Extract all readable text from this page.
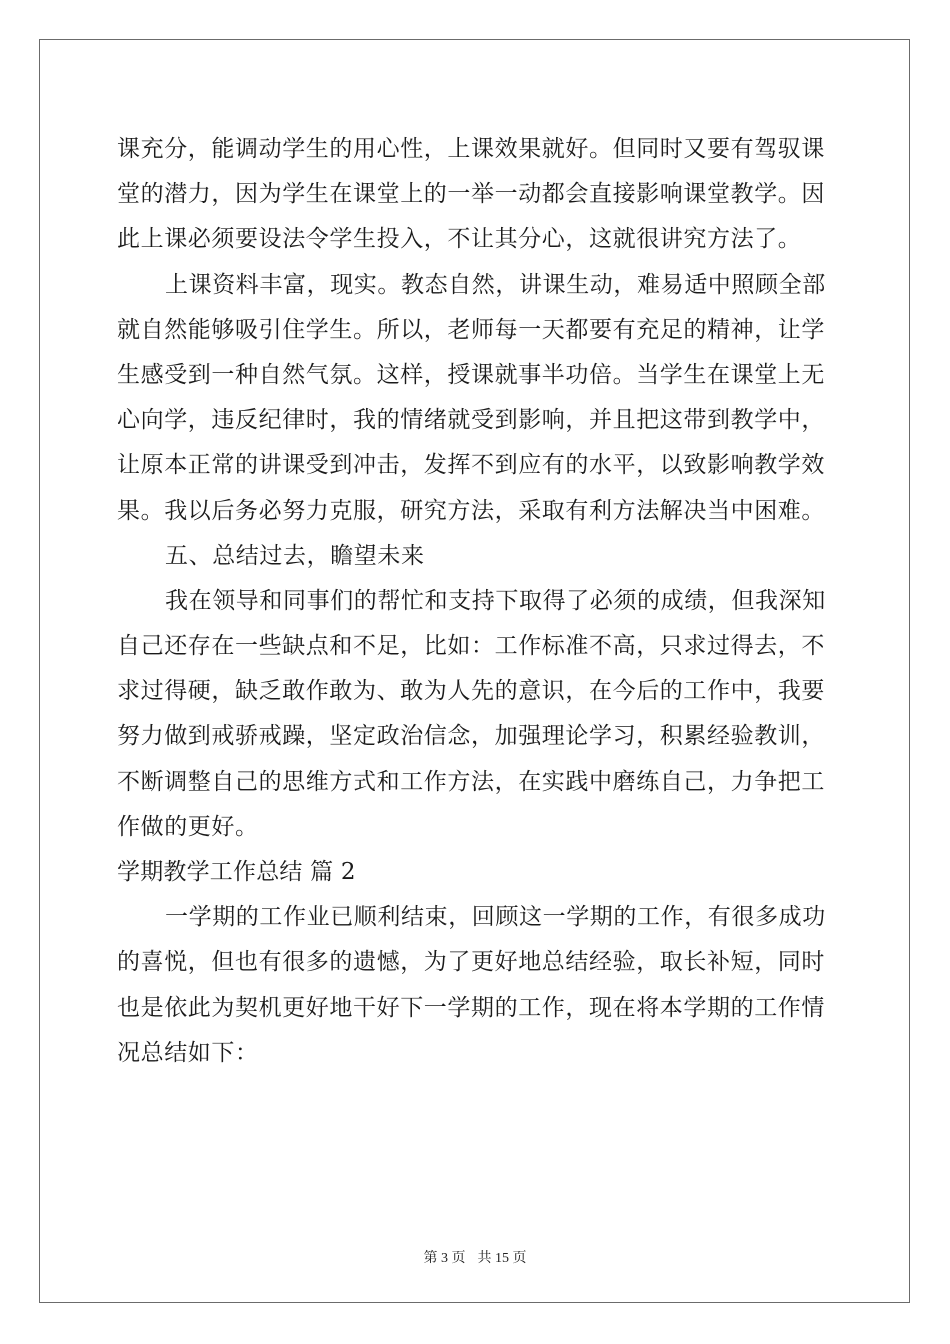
课充分，能调动学生的用心性，上课效果就好。但同时又要有驾驭课
堂的潜力，因为学生在课堂上的一举一动都会直接影响课堂教学。因
此上课必须要设法令学生投入，不让其分心，这就很讲究方法了。
上课资料丰富，现实。教态自然，讲课生动，难易适中照顾全部
就自然能够吸引住学生。所以，老师每一天都要有充足的精神，让学
生感受到一种自然气氛。这样，授课就事半功倍。当学生在课堂上无
心向学，违反纪律时，我的情绪就受到影响，并且把这带到教学中，
让原本正常的讲课受到冲击，发挥不到应有的水平，以致影响教学效
果。我以后务必努力克服，研究方法，采取有利方法解决当中困难。
五、总结过去，瞻望未来
我在领导和同事们的帮忙和支持下取得了必须的成绩，但我深知
自己还存在一些缺点和不足，比如：工作标准不高，只求过得去，不
求过得硬，缺乏敢作敢为、敢为人先的意识，在今后的工作中，我要
努力做到戒骄戒躁，坚定政治信念，加强理论学习，积累经验教训，
不断调整自己的思维方式和工作方法，在实践中磨练自己，力争把工
作做的更好。
学期教学工作总结 篇 2
一学期的工作业已顺利结束，回顾这一学期的工作，有很多成功
的喜悦，但也有很多的遗憾，为了更好地总结经验，取长补短，同时
也是依此为契机更好地干好下一学期的工作，现在将本学期的工作情
况总结如下：
第 3 页 共 15 页
